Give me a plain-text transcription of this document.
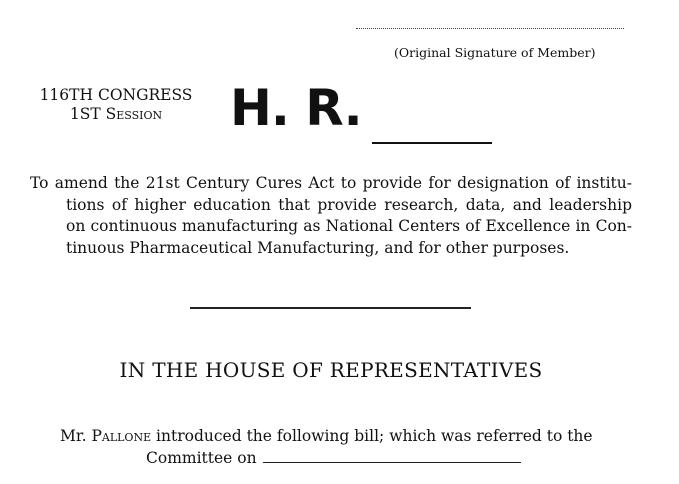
(Original Signature of Member)
116TH CONGRESS
1ST Session	H. R.
To amend the 21st Century Cures Act to provide for designation of institu-
tions of higher education that provide research, data, and leadership
on continuous manufacturing as National Centers of Excellence in Con-
tinuous Pharmaceutical Manufacturing, and for other purposes.
IN THE HOUSE OF REPRESENTATIVES
Mr. Pallone introduced the following bill; which was referred to the
Committee on
